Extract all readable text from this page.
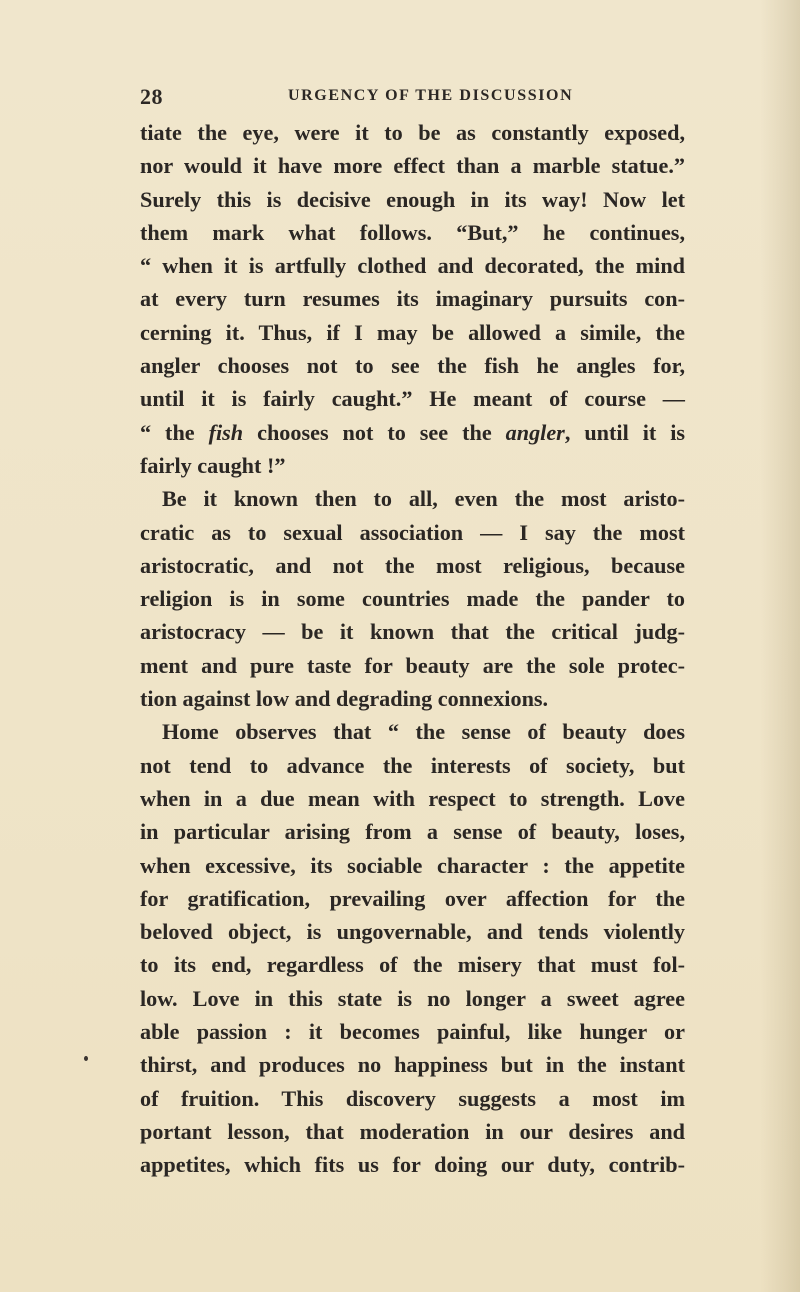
28	URGENCY OF THE DISCUSSION
tiate the eye, were it to be as constantly exposed,
nor would it have more effect than a marble statue.”
Surely this is decisive enough in its way! Now let
them mark what follows. “But,” he continues,
“ when it is artfully clothed and decorated, the mind
at every turn resumes its imaginary pursuits con-
cerning it. Thus, if I may be allowed a simile, the
angler chooses not to see the fish he angles for,
until it is fairly caught.” He meant of course —
“ the fish chooses not to see the angler, until it is
fairly caught !”
Be it known then to all, even the most aristo-
cratic as to sexual association — I say the most
aristocratic, and not the most religious, because
religion is in some countries made the pander to
aristocracy — be it known that the critical judg-
ment and pure taste for beauty are the sole protec-
tion against low and degrading connexions.
Home observes that “ the sense of beauty does
not tend to advance the interests of society, but
when in a due mean with respect to strength. Love
in particular arising from a sense of beauty, loses,
when excessive, its sociable character : the appetite
for gratification, prevailing over affection for the
beloved object, is ungovernable, and tends violently
to its end, regardless of the misery that must fol-
low. Love in this state is no longer a sweet agree
able passion : it becomes painful, like hunger or
thirst, and produces no happiness but in the instant
of fruition. This discovery suggests a most im
portant lesson, that moderation in our desires and
appetites, which fits us for doing our duty, contrib-
